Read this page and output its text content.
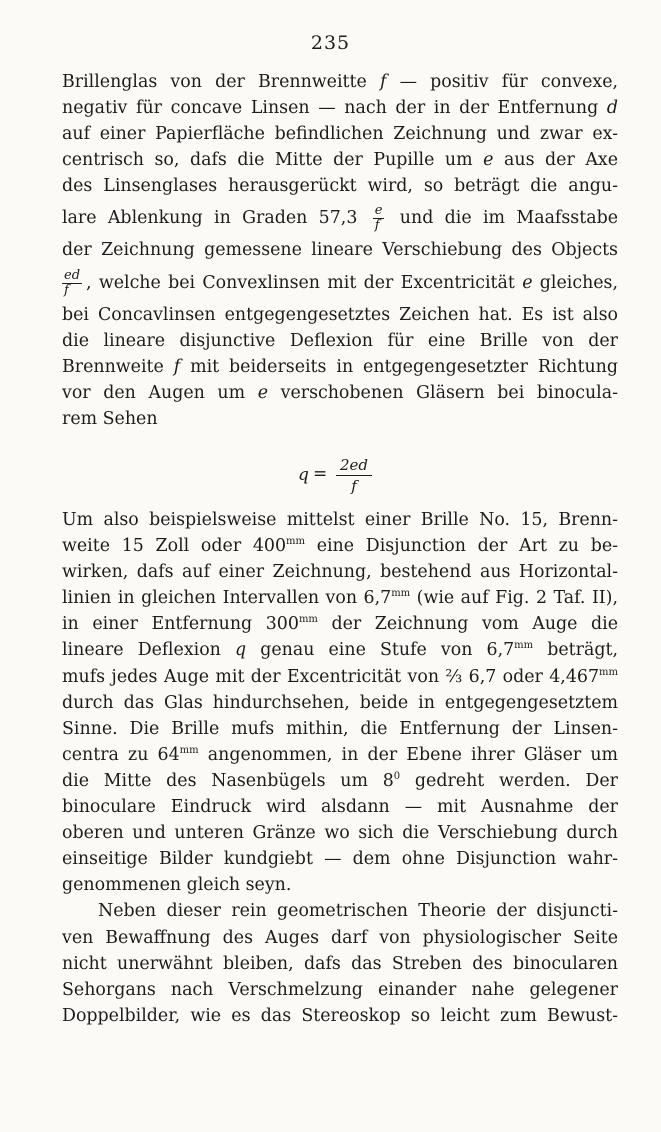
235
Brillenglas von der Brennweitte f — positiv für convexe,
negativ für concave Linsen — nach der in der Entfernung d
auf einer Papierfläche befindlichen Zeichnung und zwar ex-
centrisch so, dafs die Mitte der Pupille um e aus der Axe
des Linsenglases herausgerückt wird, so beträgt die angu-
lare Ablenkung in Graden $57,3 \frac{e}{f}$ und die im Maafsstabe
der Zeichnung gemessene lineare Verschiebung des Objects
$\frac{ed}{f}$ , welche bei Convexlinsen mit der Excentricität e gleiches,
bei Concavlinsen entgegengesetztes Zeichen hat. Es ist also
die lineare disjunctive Deflexion für eine Brille von der
Brennweite f mit beiderseits in entgegengesetzter Richtung
vor den Augen um e verschobenen Gläsern bei binocula-
rem Sehen
$q = \frac{2ed}{f}$
Um also beispielsweise mittelst einer Brille No. 15, Brenn-
weite 15 Zoll oder $400^{mm}$ eine Disjunction der Art zu be-
wirken, dafs auf einer Zeichnung, bestehend aus Horizontal-
linien in gleichen Intervallen von $6,7^{mm}$ (wie auf Fig. 2 Taf. II),
in einer Entfernung $300^{mm}$ der Zeichnung vom Auge die
lineare Deflexion q genau eine Stufe von $6,7^{mm}$ beträgt,
mufs jedes Auge mit der Excentricität von ⅔ 6,7 oder $4,467^{mm}$
durch das Glas hindurchsehen, beide in entgegengesetztem
Sinne. Die Brille mufs mithin, die Entfernung der Linsen-
centra zu $64^{mm}$ angenommen, in der Ebene ihrer Gläser um
die Mitte des Nasenbügels um $8^0$ gedreht werden. Der
binoculare Eindruck wird alsdann — mit Ausnahme der
oberen und unteren Gränze wo sich die Verschiebung durch
einseitige Bilder kundgiebt — dem ohne Disjunction wahr-
genommenen gleich seyn.
Neben dieser rein geometrischen Theorie der disjuncti-
ven Bewaffnung des Auges darf von physiologischer Seite
nicht unerwähnt bleiben, dafs das Streben des binocularen
Sehorgans nach Verschmelzung einander nahe gelegener
Doppelbilder, wie es das Stereoskop so leicht zum Bewust-
